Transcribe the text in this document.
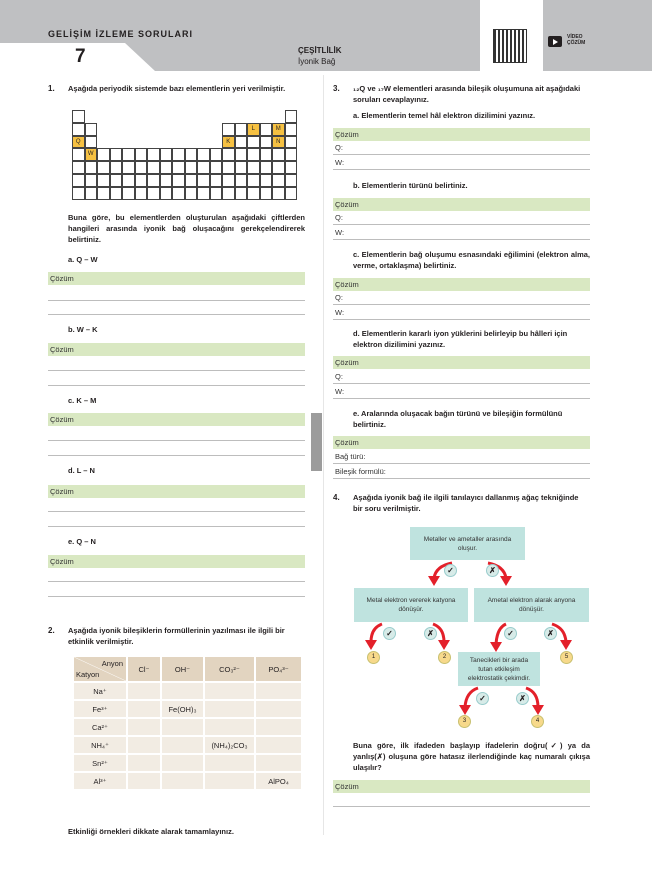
GELİŞİM İZLEME SORULARI
7	ÇEŞİTLİLİK
İyonik Bağ
VİDEO
ÇÖZÜM
1. Aşağıda periyodik sistemde bazı elementlerin yeri verilmiştir.
L	M
Q	K	N
W
Buna göre, bu elementlerden oluşturulan aşağıdaki çiftlerden hangileri arasında iyonik bağ oluşacağını gerekçelendirerek belirtiniz.
a. Q – W
Çözüm
b. W – K
Çözüm
c. K – M
Çözüm
d. L – N
Çözüm
e. Q – N
Çözüm
2. Aşağıda iyonik bileşiklerin formüllerinin yazılması ile ilgili bir etkinlik verilmiştir.
Anyon
Katyon	Cl⁻	OH⁻	CO₃²⁻	PO₄³⁻
Na⁺				
Fe³⁺		Fe(OH)₃		
Ca²⁺				
NH₄⁺			(NH₄)₂CO₃	
Sn²⁺				
Al³⁺				AlPO₄
Etkinliği örnekleri dikkate alarak tamamlayınız.
3. ₁₂Q ve ₁₇W elementleri arasında bileşik oluşumuna ait aşağıdaki soruları cevaplayınız.
a. Elementlerin temel hâl elektron dizilimini yazınız.
Çözüm
Q:
W:
b. Elementlerin türünü belirtiniz.
Çözüm
Q:
W:
c. Elementlerin bağ oluşumu esnasındaki eğilimini (elektron alma, verme, ortaklaşma) belirtiniz.
Çözüm
Q:
W:
d. Elementlerin kararlı iyon yüklerini belirleyip bu hâlleri için elektron dizilimini yazınız.
Çözüm
Q:
W:
e. Aralarında oluşacak bağın türünü ve bileşiğin formülünü belirtiniz.
Çözüm
Bağ türü:
Bileşik formülü:
4. Aşağıda iyonik bağ ile ilgili tanılayıcı dallanmış ağaç tekniğinde bir soru verilmiştir.
Metaller ve ametaller arasında oluşur.
Metal elektron vererek katyona dönüşür.
Ametal elektron alarak anyona dönüşür.
Tanecikleri bir arada tutan etkileşim elektrostatik çekimdir.
✓	✗
✓	✗	✓	✗
✓	✗
1	2
3	4
5
Buna göre, ilk ifadeden başlayıp ifadelerin doğru(✓) ya da yanlış(✗) oluşuna göre hatasız ilerlendiğinde kaç numaralı çıkışa ulaşılır?
Çözüm
